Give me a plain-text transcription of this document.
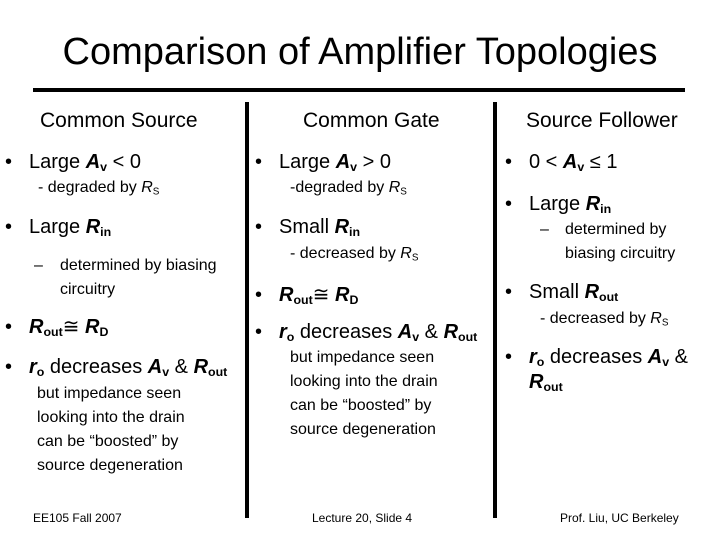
Comparison of Amplifier Topologies
Common Source
• Large $A_v < 0$
- degraded by $R_S$
• Large $R_{in}$
– determined by biasing
circuitry
• $R_{out}≅$ $R_D$
• $r_o$ decreases $A_v$ & $R_{out}$
but impedance seen
looking into the drain
can be “boosted” by
source degeneration
Common Gate
• Large $A_v > 0$
-degraded by $R_S$
• Small $R_{in}$
- decreased by $R_S$
• $R_{out}≅$ $R_D$
• $r_o$ decreases $A_v$ & $R_{out}$
but impedance seen
looking into the drain
can be “boosted” by
source degeneration
Source Follower
• $0 < A_v \le 1$
• Large $R_{in}$
– determined by
biasing circuitry
• Small $R_{out}$
- decreased by $R_S$
• $r_o$ decreases $A_v$ &
$R_{out}$
EE105 Fall 2007	Lecture 20, Slide 4	Prof. Liu, UC Berkeley
